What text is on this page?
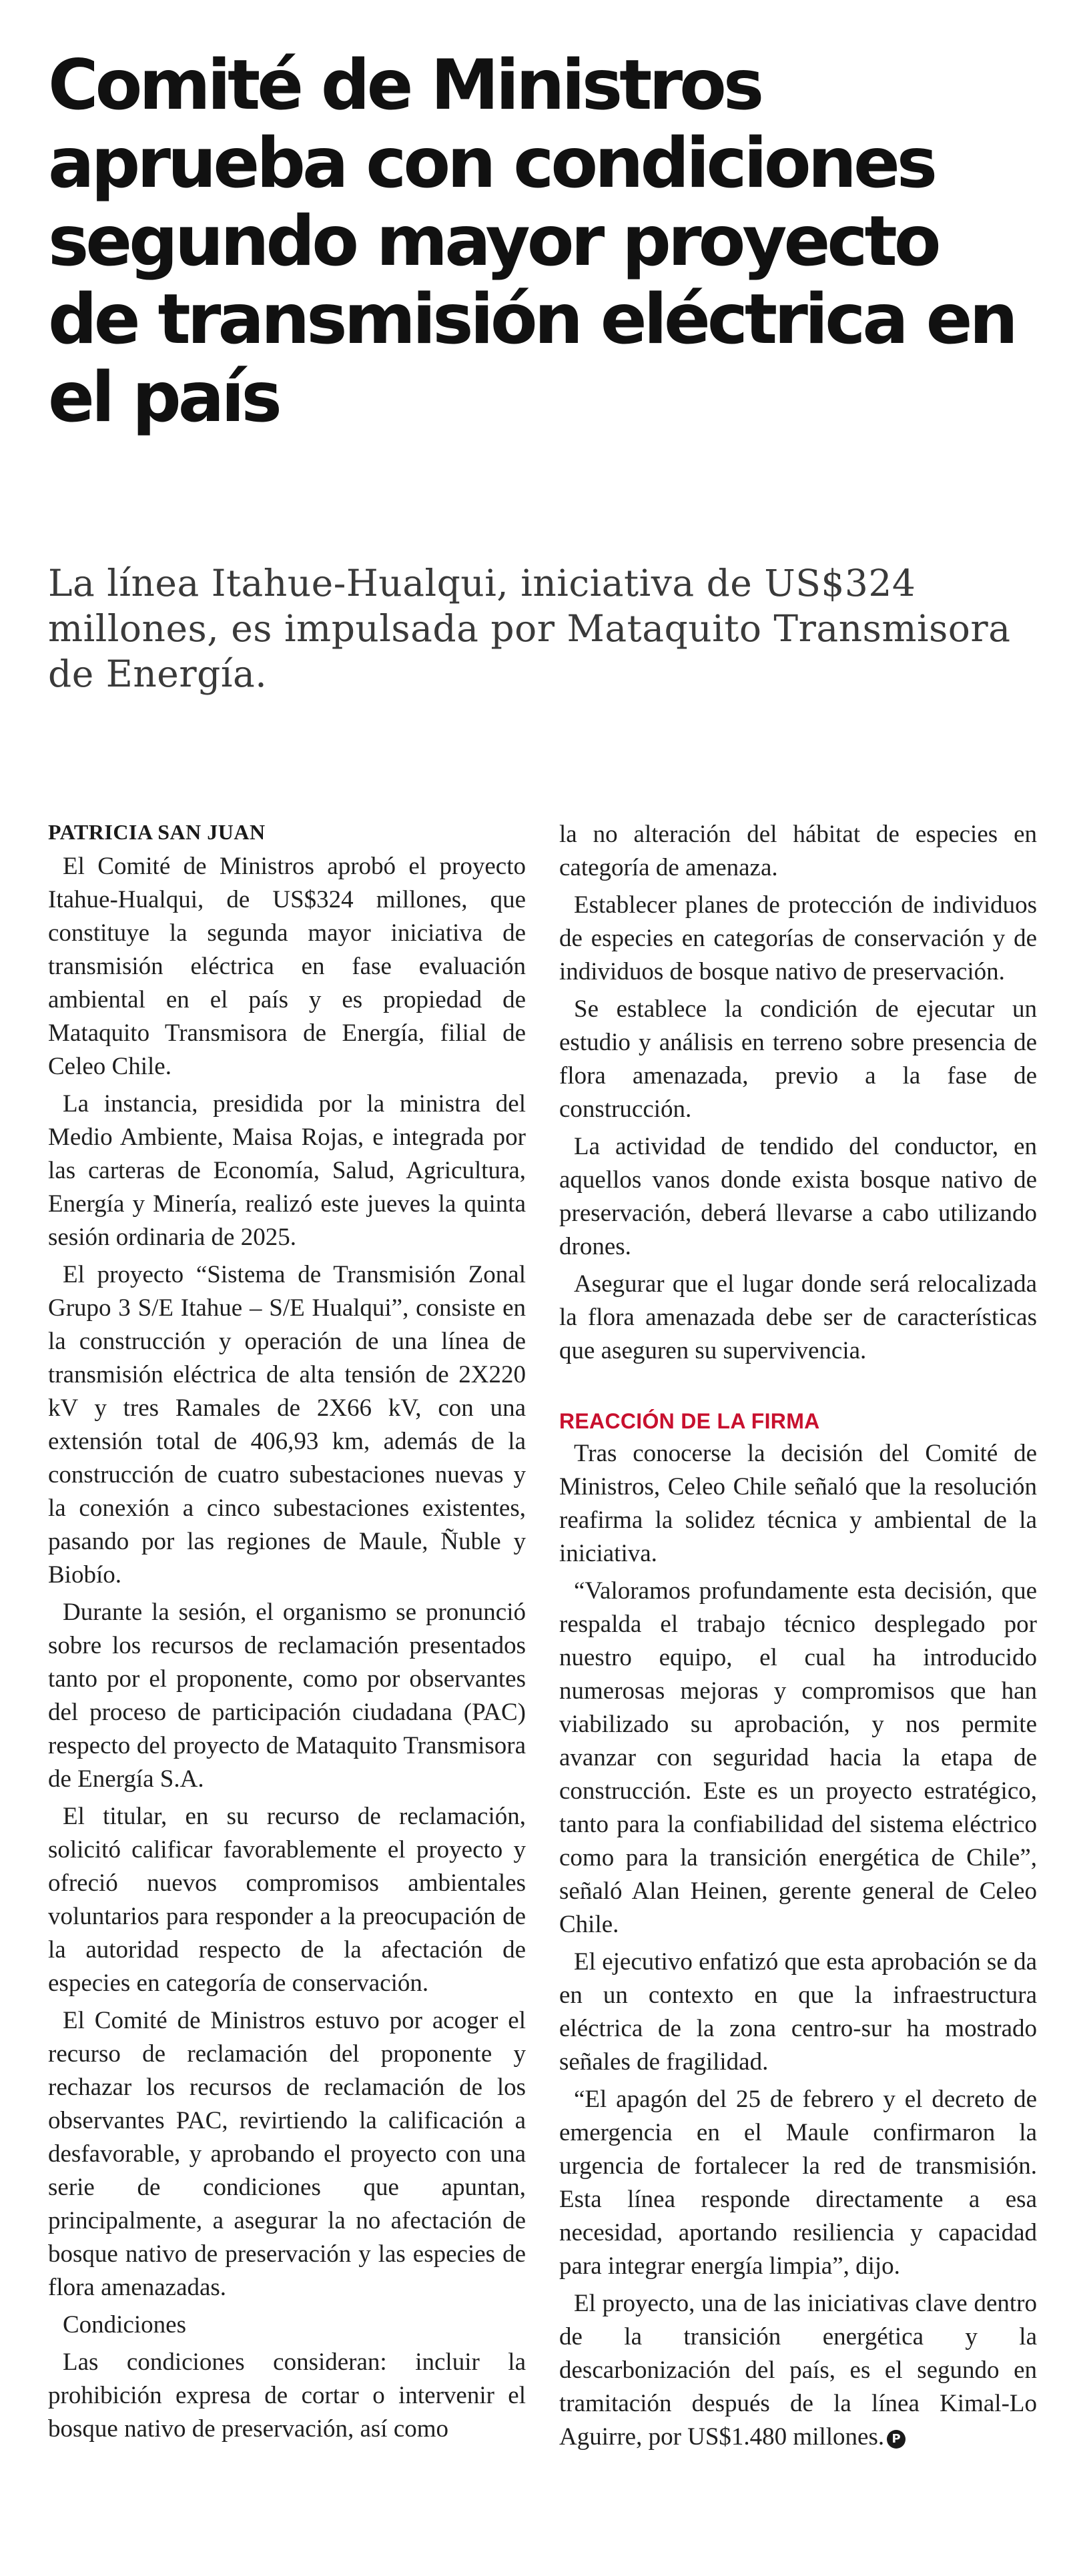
Comité de Ministros aprueba con condiciones segundo mayor proyecto de transmisión eléctrica en el país

La línea Itahue-Hualqui, iniciativa de US$324 millones, es impulsada por Mataquito Transmisora de Energía.

PATRICIA SAN JUAN

El Comité de Ministros aprobó el proyecto Itahue-Hualqui, de US$324 millones, que constituye la segunda mayor iniciativa de transmisión eléctrica en fase evaluación ambiental en el país y es propiedad de Mataquito Transmisora de Energía, filial de Celeo Chile.

La instancia, presidida por la ministra del Medio Ambiente, Maisa Rojas, e integrada por las carteras de Economía, Salud, Agricultura, Energía y Minería, realizó este jueves la quinta sesión ordinaria de 2025.

El proyecto “Sistema de Transmisión Zonal Grupo 3 S/E Itahue – S/E Hualqui”, consiste en la construcción y operación de una línea de transmisión eléctrica de alta tensión de 2X220 kV y tres Ramales de 2X66 kV, con una extensión total de 406,93 km, además de la construcción de cuatro subestaciones nuevas y la conexión a cinco subestaciones existentes, pasando por las regiones de Maule, Ñuble y Biobío.

Durante la sesión, el organismo se pronunció sobre los recursos de reclamación presentados tanto por el proponente, como por observantes del proceso de participación ciudadana (PAC) respecto del proyecto de Mataquito Transmisora de Energía S.A.

El titular, en su recurso de reclamación, solicitó calificar favorablemente el proyecto y ofreció nuevos compromisos ambientales voluntarios para responder a la preocupación de la autoridad respecto de la afectación de especies en categoría de conservación.

El Comité de Ministros estuvo por acoger el recurso de reclamación del proponente y rechazar los recursos de reclamación de los observantes PAC, revirtiendo la calificación a desfavorable, y aprobando el proyecto con una serie de condiciones que apuntan, principalmente, a asegurar la no afectación de bosque nativo de preservación y las especies de flora amenazadas.

Condiciones

Las condiciones consideran: incluir la prohibición expresa de cortar o intervenir el bosque nativo de preservación, así como

la no alteración del hábitat de especies en categoría de amenaza.

Establecer planes de protección de individuos de especies en categorías de conservación y de individuos de bosque nativo de preservación.

Se establece la condición de ejecutar un estudio y análisis en terreno sobre presencia de flora amenazada, previo a la fase de construcción.

La actividad de tendido del conductor, en aquellos vanos donde exista bosque nativo de preservación, deberá llevarse a cabo utilizando drones.

Asegurar que el lugar donde será relocalizada la flora amenazada debe ser de características que aseguren su supervivencia.

REACCIÓN DE LA FIRMA

Tras conocerse la decisión del Comité de Ministros, Celeo Chile señaló que la resolución reafirma la solidez técnica y ambiental de la iniciativa.

“Valoramos profundamente esta decisión, que respalda el trabajo técnico desplegado por nuestro equipo, el cual ha introducido numerosas mejoras y compromisos que han viabilizado su aprobación, y nos permite avanzar con seguridad hacia la etapa de construcción. Este es un proyecto estratégico, tanto para la confiabilidad del sistema eléctrico como para la transición energética de Chile”, señaló Alan Heinen, gerente general de Celeo Chile.

El ejecutivo enfatizó que esta aprobación se da en un contexto en que la infraestructura eléctrica de la zona centro-sur ha mostrado señales de fragilidad.

“El apagón del 25 de febrero y el decreto de emergencia en el Maule confirmaron la urgencia de fortalecer la red de transmisión. Esta línea responde directamente a esa necesidad, aportando resiliencia y capacidad para integrar energía limpia”, dijo.

El proyecto, una de las iniciativas clave dentro de la transición energética y la descarbonización del país, es el segundo en tramitación después de la línea Kimal-Lo Aguirre, por US$1.480 millones. P
